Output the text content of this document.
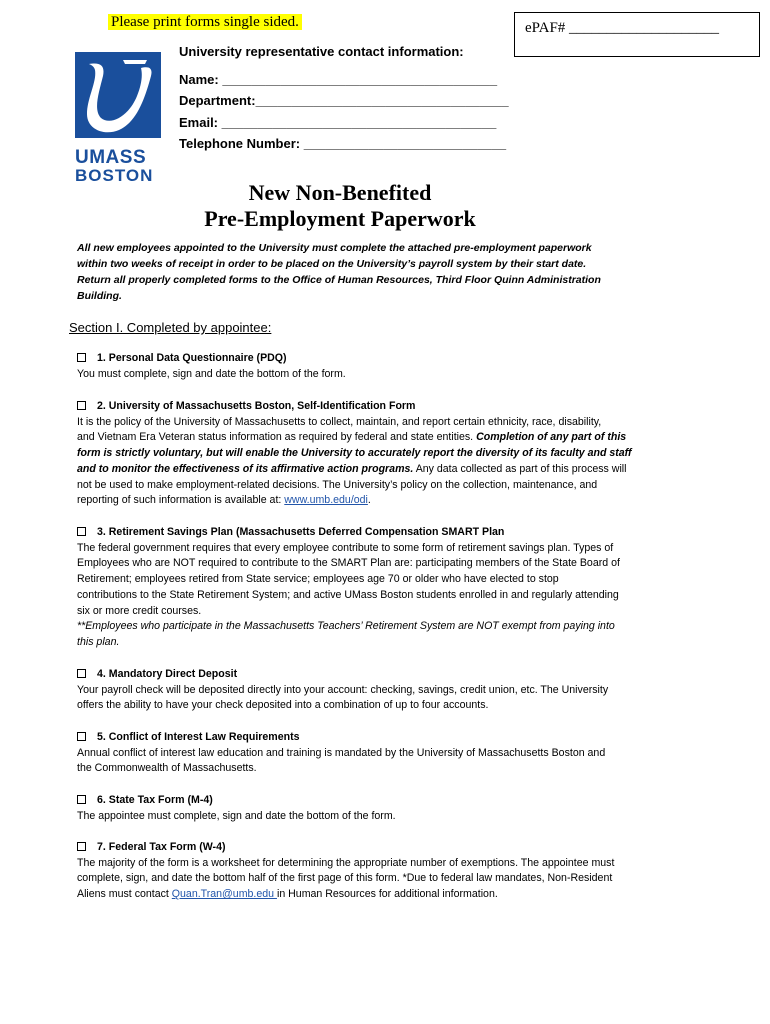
Please print forms single sided.	ePAF# ____________________
University representative contact information:
Name: ______________________________________
Department:___________________________________
Email: ______________________________________
Telephone Number: ____________________________
UMASS
BOSTON
New Non-Benefited
Pre-Employment Paperwork
All new employees appointed to the University must complete the attached pre-employment paperwork
within two weeks of receipt in order to be placed on the University’s payroll system by their start date.
Return all properly completed forms to the Office of Human Resources, Third Floor Quinn Administration
Building.
Section I. Completed by appointee:
1. Personal Data Questionnaire (PDQ)
You must complete, sign and date the bottom of the form.
2. University of Massachusetts Boston, Self-Identification Form
It is the policy of the University of Massachusetts to collect, maintain, and report certain ethnicity, race, disability,
and Vietnam Era Veteran status information as required by federal and state entities. Completion of any part of this
form is strictly voluntary, but will enable the University to accurately report the diversity of its faculty and staff
and to monitor the effectiveness of its affirmative action programs. Any data collected as part of this process will
not be used to make employment-related decisions. The University’s policy on the collection, maintenance, and
reporting of such information is available at: www.umb.edu/odi.
3. Retirement Savings Plan (Massachusetts Deferred Compensation SMART Plan
The federal government requires that every employee contribute to some form of retirement savings plan. Types of
Employees who are NOT required to contribute to the SMART Plan are: participating members of the State Board of
Retirement; employees retired from State service; employees age 70 or older who have elected to stop
contributions to the State Retirement System; and active UMass Boston students enrolled in and regularly attending
six or more credit courses.
**Employees who participate in the Massachusetts Teachers’ Retirement System are NOT exempt from paying into
this plan.
4. Mandatory Direct Deposit
Your payroll check will be deposited directly into your account: checking, savings, credit union, etc. The University
offers the ability to have your check deposited into a combination of up to four accounts.
5. Conflict of Interest Law Requirements
Annual conflict of interest law education and training is mandated by the University of Massachusetts Boston and
the Commonwealth of Massachusetts.
6. State Tax Form (M-4)
The appointee must complete, sign and date the bottom of the form.
7. Federal Tax Form (W-4)
The majority of the form is a worksheet for determining the appropriate number of exemptions. The appointee must
complete, sign, and date the bottom half of the first page of this form. *Due to federal law mandates, Non-Resident
Aliens must contact Quan.Tran@umb.edu in Human Resources for additional information.
